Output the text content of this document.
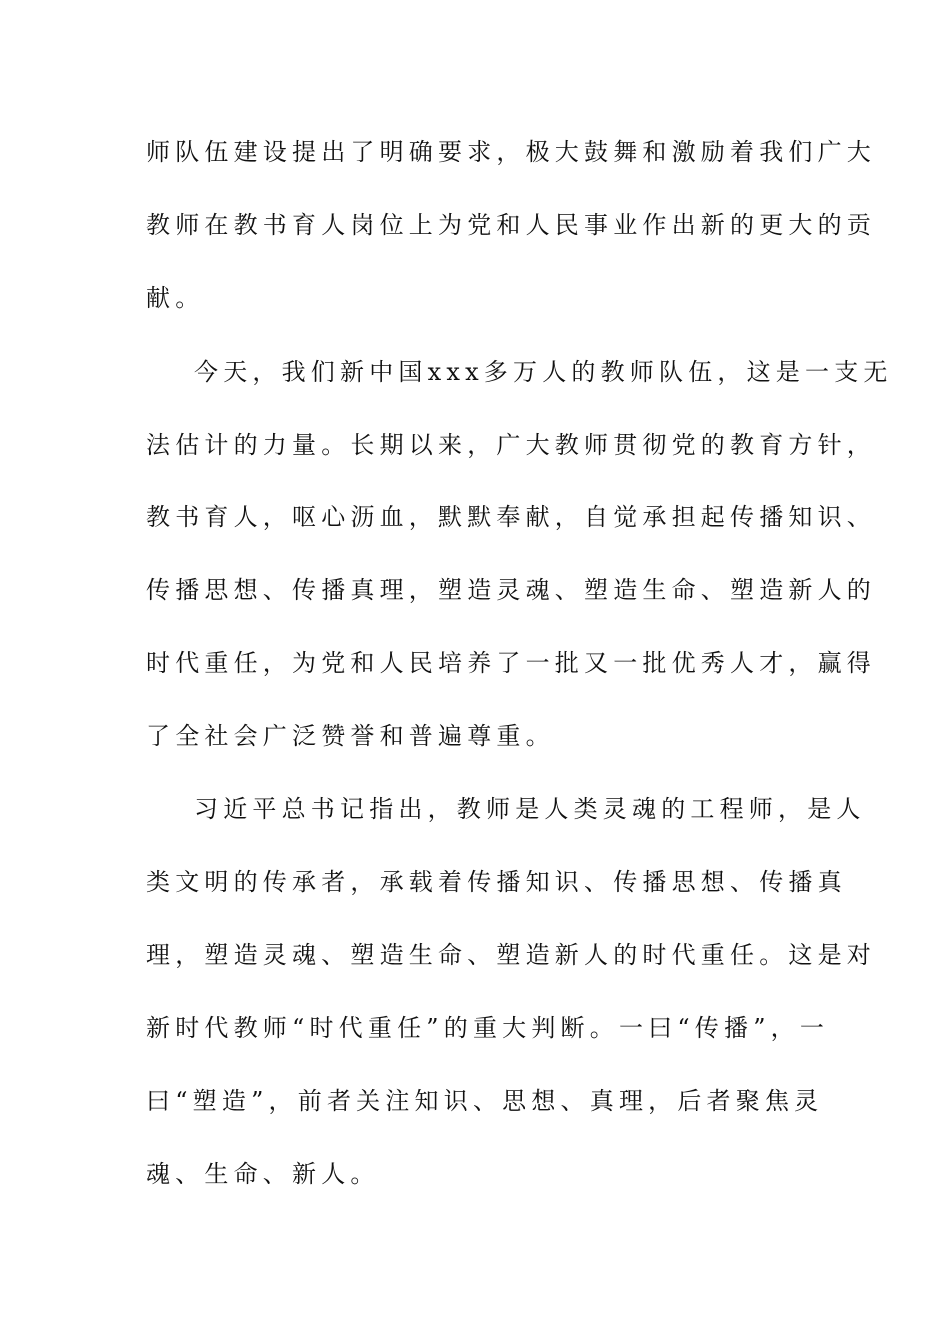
师队伍建设提出了明确要求，极大鼓舞和激励着我们广大
教师在教书育人岗位上为党和人民事业作出新的更大的贡
献。
今天，我们新中国xxx多万人的教师队伍，这是一支无
法估计的力量。长期以来，广大教师贯彻党的教育方针，
教书育人，呕心沥血，默默奉献，自觉承担起传播知识、
传播思想、传播真理，塑造灵魂、塑造生命、塑造新人的
时代重任，为党和人民培养了一批又一批优秀人才，赢得
了全社会广泛赞誉和普遍尊重。
习近平总书记指出，教师是人类灵魂的工程师，是人
类文明的传承者，承载着传播知识、传播思想、传播真
理，塑造灵魂、塑造生命、塑造新人的时代重任。这是对
新时代教师“时代重任”的重大判断。一曰“传播”，一
曰“塑造”，前者关注知识、思想、真理，后者聚焦灵
魂、生命、新人。
